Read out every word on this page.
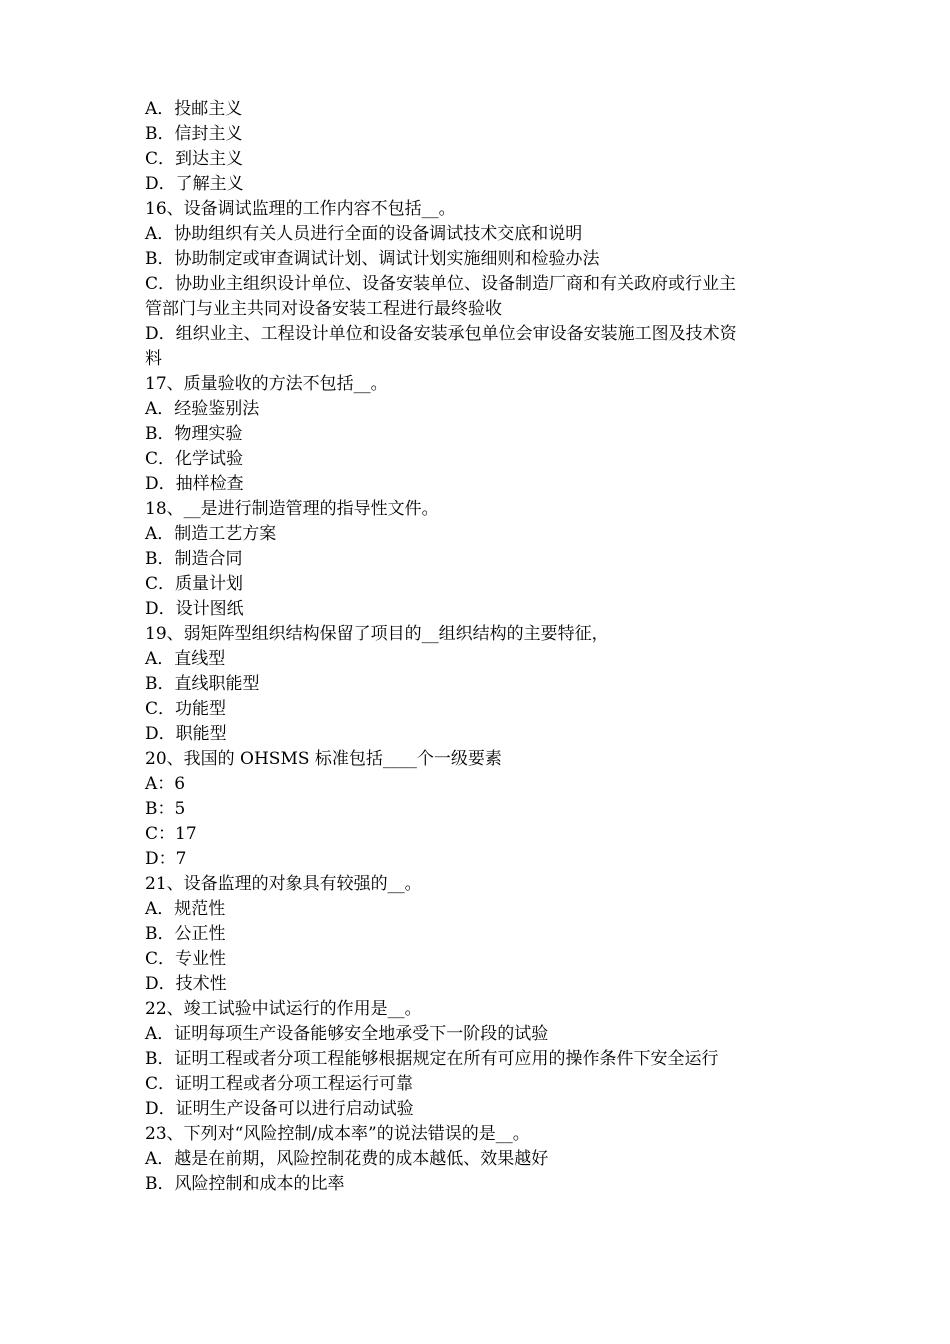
A．投邮主义

B．信封主义

C．到达主义

D．了解主义

16、设备调试监理的工作内容不包括__。

A．协助组织有关人员进行全面的设备调试技术交底和说明

B．协助制定或审查调试计划、调试计划实施细则和检验办法

C．协助业主组织设计单位、设备安装单位、设备制造厂商和有关政府或行业主

管部门与业主共同对设备安装工程进行最终验收

D．组织业主、工程设计单位和设备安装承包单位会审设备安装施工图及技术资

料

17、质量验收的方法不包括__。

A．经验鉴别法

B．物理实验

C．化学试验

D．抽样检查

18、__是进行制造管理的指导性文件。

A．制造工艺方案

B．制造合同

C．质量计划

D．设计图纸

19、弱矩阵型组织结构保留了项目的__组织结构的主要特征，

A．直线型

B．直线职能型

C．功能型

D．职能型

20、我国的 OHSMS 标准包括____个一级要素

A：6

B：5

C：17

D：7

21、设备监理的对象具有较强的__。

A．规范性

B．公正性

C．专业性

D．技术性

22、竣工试验中试运行的作用是__。

A．证明每项生产设备能够安全地承受下一阶段的试验

B．证明工程或者分项工程能够根据规定在所有可应用的操作条件下安全运行

C．证明工程或者分项工程运行可靠

D．证明生产设备可以进行启动试验

23、下列对“风险控制/成本率”的说法错误的是__。

A．越是在前期，风险控制花费的成本越低、效果越好

B．风险控制和成本的比率
